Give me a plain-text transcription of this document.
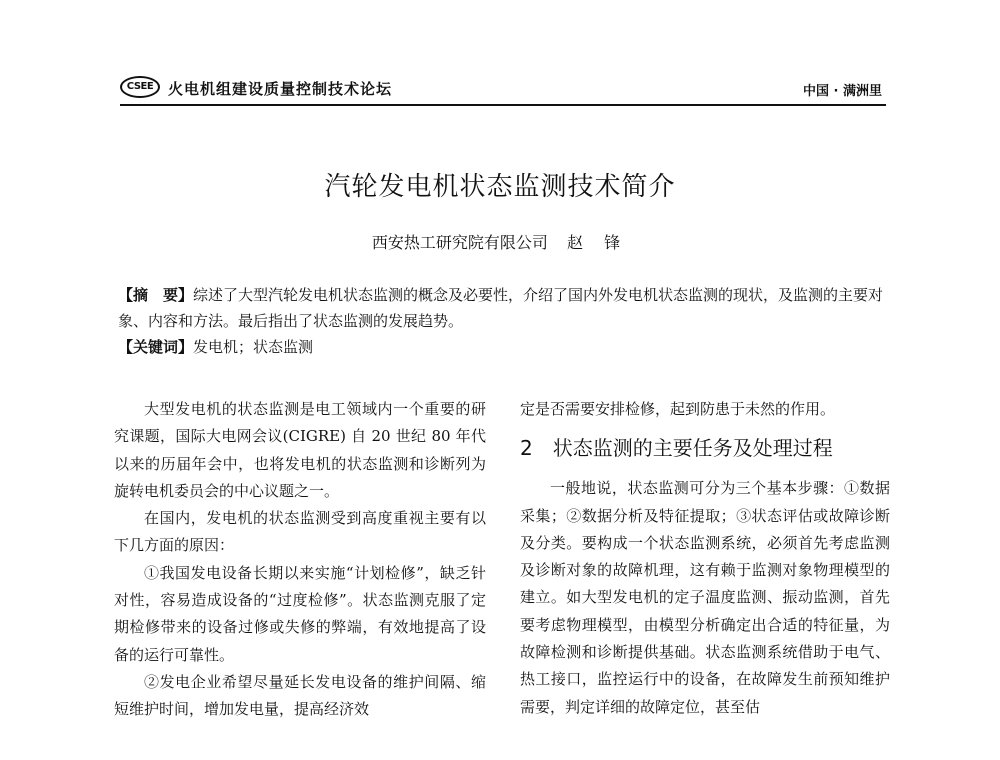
CSEE 火电机组建设质量控制技术论坛	中国 · 满洲里
汽轮发电机状态监测技术简介
西安热工研究院有限公司 赵 锋

【摘　要】综述了大型汽轮发电机状态监测的概念及必要性，介绍了国内外发电机状态监测的现状，及监测的主要对象、内容和方法。最后指出了状态监测的发展趋势。

【关键词】发电机；状态监测

大型发电机的状态监测是电工领域内一个重要的研究课题，国际大电网会议(CIGRE) 自 20 世纪 80 年代以来的历届年会中，也将发电机的状态监测和诊断列为旋转电机委员会的中心议题之一。

在国内，发电机的状态监测受到高度重视主要有以下几方面的原因：

①我国发电设备长期以来实施“计划检修”，缺乏针对性，容易造成设备的“过度检修”。状态监测克服了定期检修带来的设备过修或失修的弊端，有效地提高了设备的运行可靠性。

②发电企业希望尽量延长发电设备的维护间隔、缩短维护时间，增加发电量，提高经济效

定是否需要安排检修，起到防患于未然的作用。

2 状态监测的主要任务及处理过程

一般地说，状态监测可分为三个基本步骤：①数据采集；②数据分析及特征提取；③状态评估或故障诊断及分类。要构成一个状态监测系统，必须首先考虑监测及诊断对象的故障机理，这有赖于监测对象物理模型的建立。如大型发电机的定子温度监测、振动监测，首先要考虑物理模型，由模型分析确定出合适的特征量，为故障检测和诊断提供基础。状态监测系统借助于电气、热工接口，监控运行中的设备，在故障发生前预知维护需要，判定详细的故障定位，甚至估
